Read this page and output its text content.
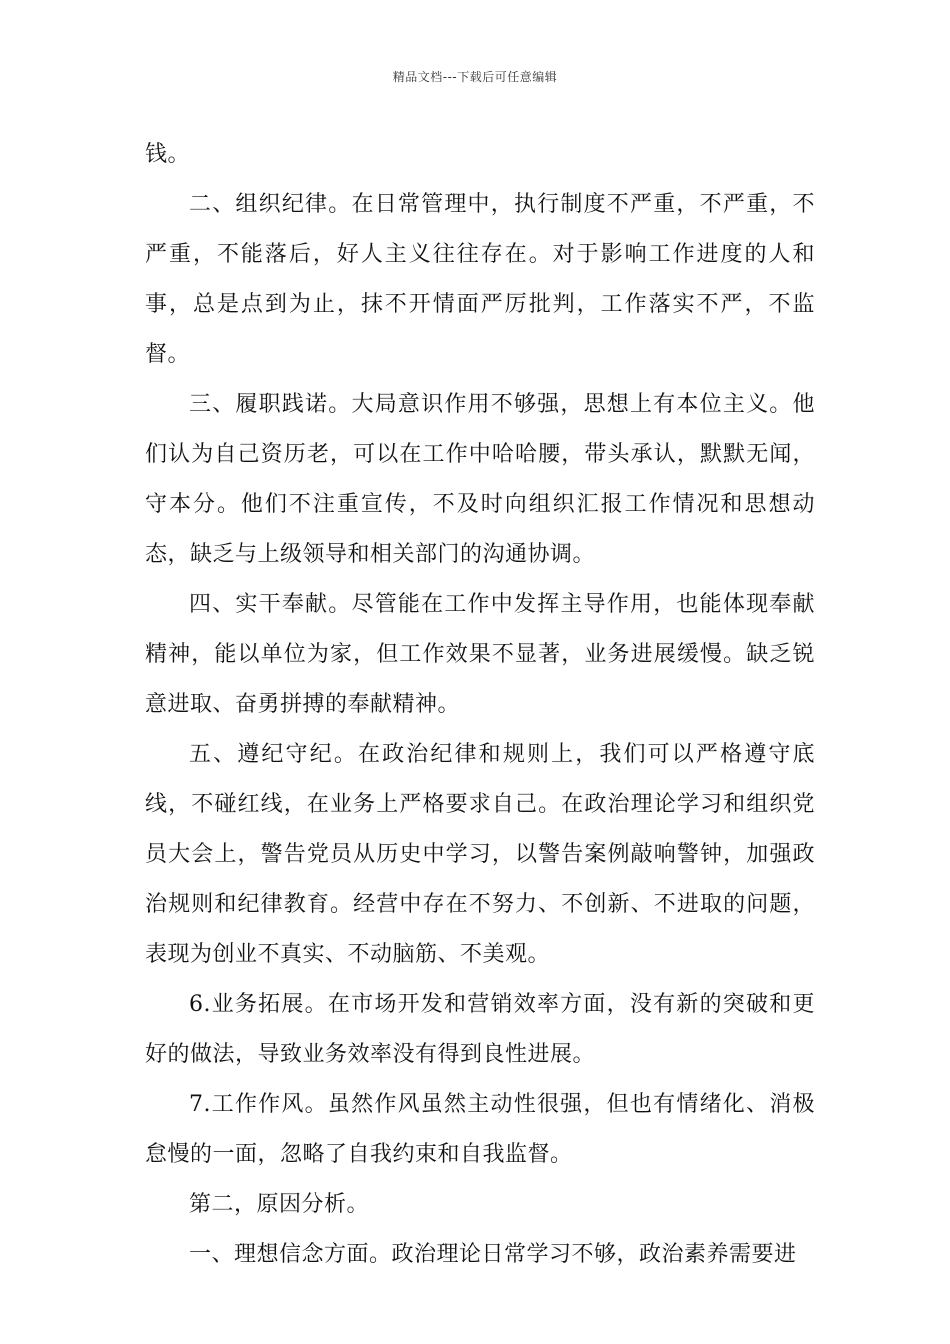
精品文档---下载后可任意编辑

钱。

二、组织纪律。在日常管理中，执行制度不严重，不严重，不严重，不能落后，好人主义往往存在。对于影响工作进度的人和事，总是点到为止，抹不开情面严厉批判，工作落实不严，不监督。

三、履职践诺。大局意识作用不够强，思想上有本位主义。他们认为自己资历老，可以在工作中哈哈腰，带头承认，默默无闻，守本分。他们不注重宣传，不及时向组织汇报工作情况和思想动态，缺乏与上级领导和相关部门的沟通协调。

四、实干奉献。尽管能在工作中发挥主导作用，也能体现奉献精神，能以单位为家，但工作效果不显著，业务进展缓慢。缺乏锐意进取、奋勇拼搏的奉献精神。

五、遵纪守纪。在政治纪律和规则上，我们可以严格遵守底线，不碰红线，在业务上严格要求自己。在政治理论学习和组织党员大会上，警告党员从历史中学习，以警告案例敲响警钟，加强政治规则和纪律教育。经营中存在不努力、不创新、不进取的问题，表现为创业不真实、不动脑筋、不美观。

6.业务拓展。在市场开发和营销效率方面，没有新的突破和更好的做法，导致业务效率没有得到良性进展。

7.工作作风。虽然作风虽然主动性很强，但也有情绪化、消极怠慢的一面，忽略了自我约束和自我监督。

第二，原因分析。

一、理想信念方面。政治理论日常学习不够，政治素养需要进
